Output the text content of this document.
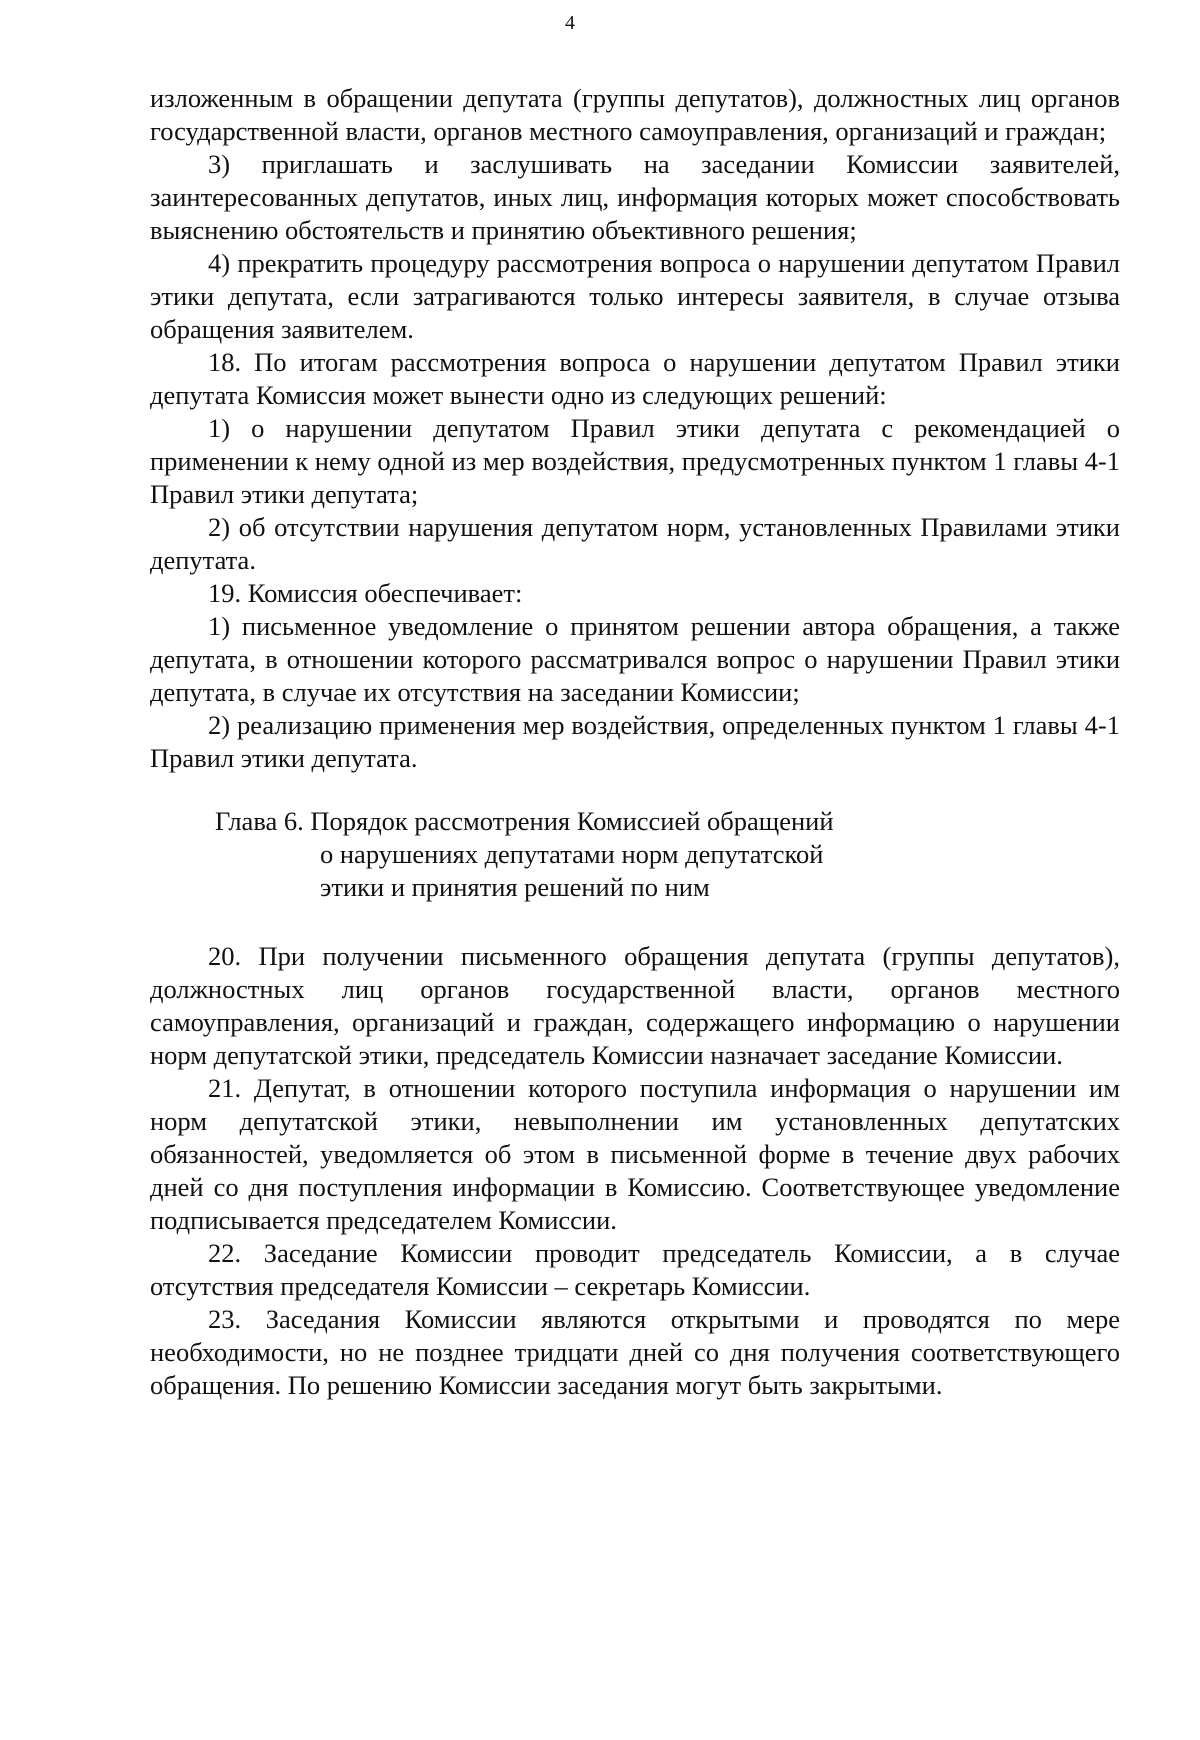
4

изложенным в обращении депутата (группы депутатов), должностных лиц органов государственной власти, органов местного самоуправления, организаций и граждан;

3) приглашать и заслушивать на заседании Комиссии заявителей, заинтересованных депутатов, иных лиц, информация которых может способствовать выяснению обстоятельств и принятию объективного решения;

4) прекратить процедуру рассмотрения вопроса о нарушении депутатом Правил этики депутата, если затрагиваются только интересы заявителя, в случае отзыва обращения заявителем.

18. По итогам рассмотрения вопроса о нарушении депутатом Правил этики депутата Комиссия может вынести одно из следующих решений:

1) о нарушении депутатом Правил этики депутата с рекомендацией о применении к нему одной из мер воздействия, предусмотренных пунктом 1 главы 4-1 Правил этики депутата;

2) об отсутствии нарушения депутатом норм, установленных Правилами этики депутата.

19. Комиссия обеспечивает:

1) письменное уведомление о принятом решении автора обращения, а также депутата, в отношении которого рассматривался вопрос о нарушении Правил этики депутата, в случае их отсутствия на заседании Комиссии;

2) реализацию применения мер воздействия, определенных пунктом 1 главы 4-1 Правил этики депутата.

Глава 6. Порядок рассмотрения Комиссией обращений
о нарушениях депутатами норм депутатской
этики и принятия решений по ним

20. При получении письменного обращения депутата (группы депутатов), должностных лиц органов государственной власти, органов местного самоуправления, организаций и граждан, содержащего информацию о нарушении норм депутатской этики, председатель Комиссии назначает заседание Комиссии.

21. Депутат, в отношении которого поступила информация о нарушении им норм депутатской этики, невыполнении им установленных депутатских обязанностей, уведомляется об этом в письменной форме в течение двух рабочих дней со дня поступления информации в Комиссию. Соответствующее уведомление подписывается председателем Комиссии.

22. Заседание Комиссии проводит председатель Комиссии, а в случае отсутствия председателя Комиссии – секретарь Комиссии.

23. Заседания Комиссии являются открытыми и проводятся по мере необходимости, но не позднее тридцати дней со дня получения соответствующего обращения. По решению Комиссии заседания могут быть закрытыми.
